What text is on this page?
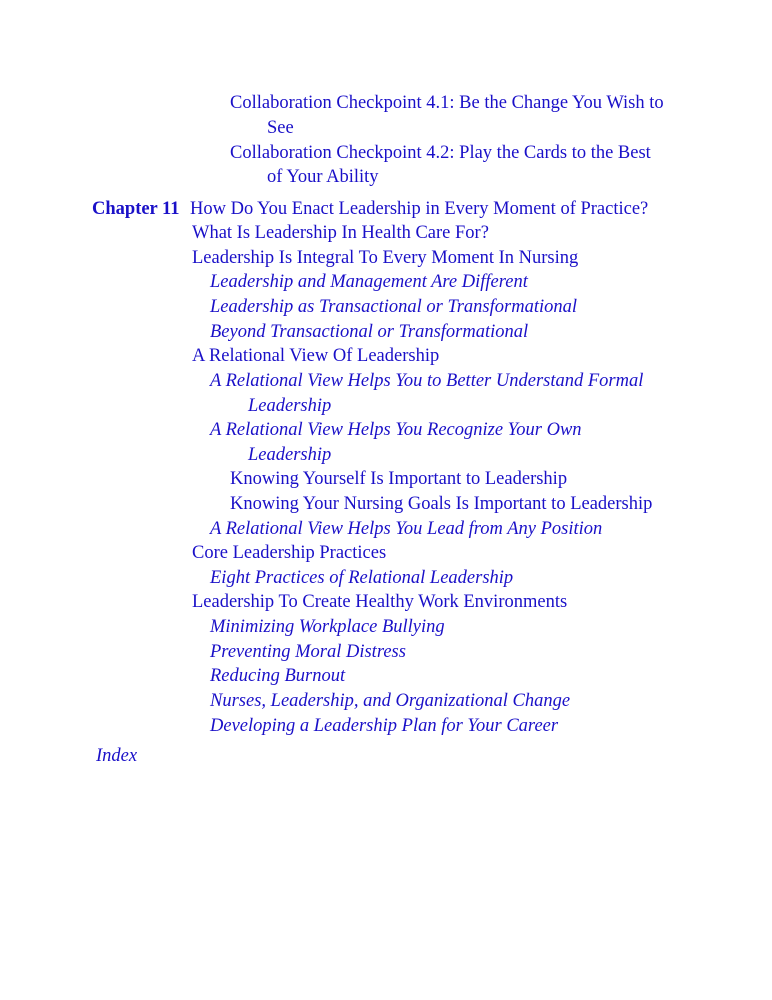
Collaboration Checkpoint 4.1: Be the Change You Wish to
See
Collaboration Checkpoint 4.2: Play the Cards to the Best
of Your Ability
Chapter 11 How Do You Enact Leadership in Every Moment of Practice?
What Is Leadership In Health Care For?
Leadership Is Integral To Every Moment In Nursing
Leadership and Management Are Different
Leadership as Transactional or Transformational
Beyond Transactional or Transformational
A Relational View Of Leadership
A Relational View Helps You to Better Understand Formal
Leadership
A Relational View Helps You Recognize Your Own
Leadership
Knowing Yourself Is Important to Leadership
Knowing Your Nursing Goals Is Important to Leadership
A Relational View Helps You Lead from Any Position
Core Leadership Practices
Eight Practices of Relational Leadership
Leadership To Create Healthy Work Environments
Minimizing Workplace Bullying
Preventing Moral Distress
Reducing Burnout
Nurses, Leadership, and Organizational Change
Developing a Leadership Plan for Your Career
Index
